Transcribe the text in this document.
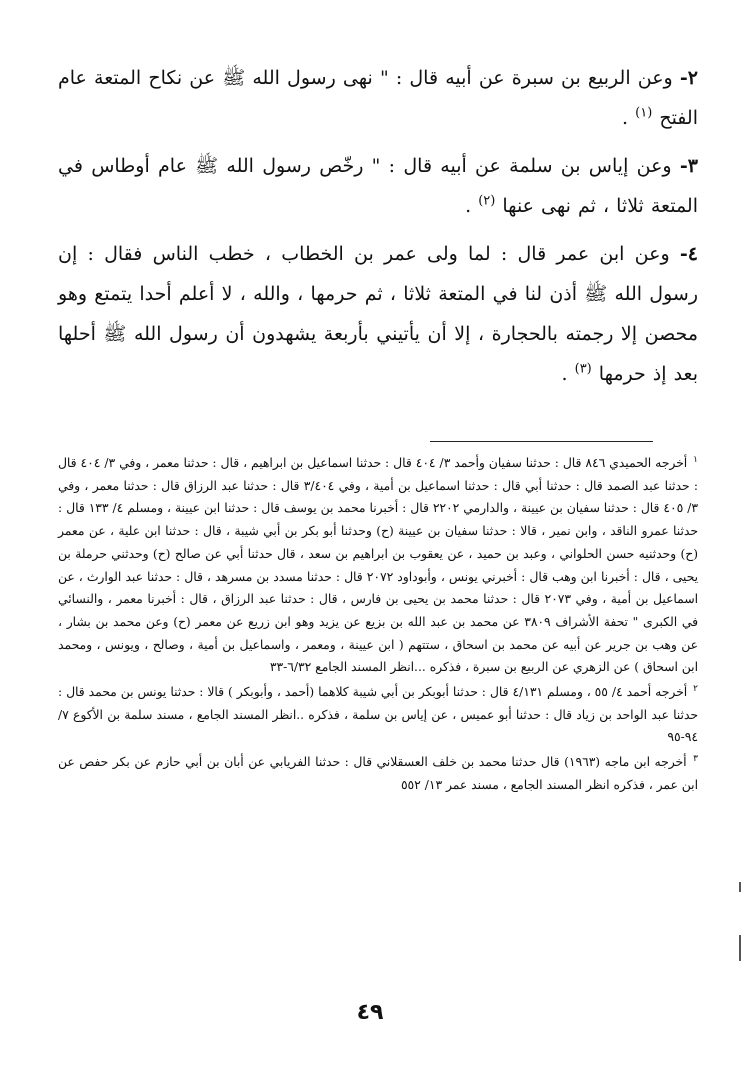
٢- وعن الربيع بن سبرة عن أبيه قال : " نهى رسول الله ﷺ عن نكاح المتعة عام الفتح $^{(١)}$ .

٣- وعن إياس بن سلمة عن أبيه قال : " رخّص رسول الله ﷺ عام أوطاس في المتعة ثلاثا ، ثم نهى عنها $^{(٢)}$ .

٤- وعن ابن عمر قال : لما ولى عمر بن الخطاب ، خطب الناس فقال : إن رسول الله ﷺ أذن لنا في المتعة ثلاثا ، ثم حرمها ، والله ، لا أعلم أحدا يتمتع وهو محصن إلا رجمته بالحجارة ، إلا أن يأتيني بأربعة يشهدون أن رسول الله ﷺ أحلها بعد إذ حرمها $^{(٣)}$ .

$^١$ أخرجه الحميدي ٨٤٦ قال : حدثنا سفيان وأحمد ٣/ ٤٠٤ قال : حدثنا اسماعيل بن ابراهيم ، قال : حدثنا معمر ، وفي ٣/ ٤٠٤ قال : حدثنا عبد الصمد قال : حدثنا أبي قال : حدثنا اسماعيل بن أمية ، وفي ٣/٤٠٤ قال : حدثنا عبد الرزاق قال : حدثنا معمر ، وفي ٣/ ٤٠٥ قال : حدثنا سفيان بن عيينة ، والدارمي ٢٢٠٢ قال : أخبرنا محمد بن يوسف قال : حدثنا ابن عيينة ، ومسلم ٤/ ١٣٣ قال : حدثنا عمرو الناقد ، وابن نمير ، قالا : حدثنا سفيان بن عيينة (ح) وحدثنا أبو بكر بن أبي شيبة ، قال : حدثنا ابن علية ، عن معمر (ح) وحدثنيه حسن الحلواني ، وعبد بن حميد ، عن يعقوب بن ابراهيم بن سعد ، قال حدثنا أبي عن صالح (ح) وحدثني حرملة بن يحيى ، قال : أخبرنا ابن وهب قال : أخبرني يونس ، وأبوداود ٢٠٧٢ قال : حدثنا مسدد بن مسرهد ، قال : حدثنا عبد الوارث ، عن اسماعيل بن أمية ، وفي ٢٠٧٣ قال : حدثنا محمد بن يحيى بن فارس ، قال : حدثنا عبد الرزاق ، قال : أخبرنا معمر ، والنسائي في الكبرى " تحفة الأشراف ٣٨٠٩ عن محمد بن عبد الله بن بزيع عن يزيد وهو ابن زريع عن معمر (ح) وعن محمد بن بشار ، عن وهب بن جرير عن أبيه عن محمد بن اسحاق ، ستتهم ( ابن عيينة ، ومعمر ، واسماعيل بن أمية ، وصالح ، ويونس ، ومحمد ابن اسحاق ) عن الزهري عن الربيع بن سبرة ، فذكره ...انظر المسند الجامع ٦/٣٢-٣٣

$^٢$ أخرجه أحمد ٤/ ٥٥ ، ومسلم ٤/١٣١ قال : حدثنا أبوبكر بن أبي شيبة كلاهما (أحمد ، وأبوبكر ) قالا : حدثنا يونس بن محمد قال : حدثنا عبد الواحد بن زياد قال : حدثنا أبو عميس ، عن إياس بن سلمة ، فذكره ..انظر المسند الجامع ، مسند سلمة بن الأكوع ٧/ ٩٤-٩٥

$^٣$ أخرجه ابن ماجه (١٩٦٣) قال حدثنا محمد بن خلف العسقلاني قال : حدثنا الفريابي عن أبان بن أبي حازم عن بكر حفص عن ابن عمر ، فذكره انظر المسند الجامع ، مسند عمر ١٣/ ٥٥٢

٤٩
